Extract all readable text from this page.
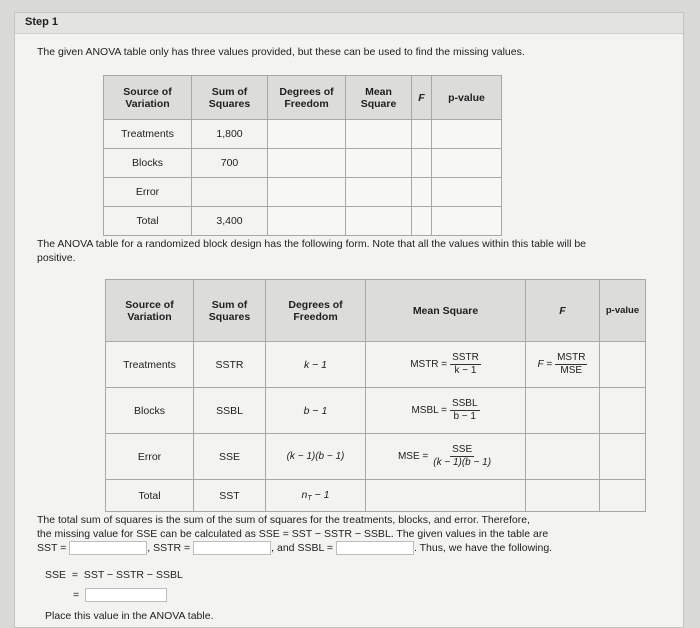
Step 1
The given ANOVA table only has three values provided, but these can be used to find the missing values.
Source of Variation	Sum of Squares	Degrees of Freedom	Mean Square	F	p-value
Treatments	1,800				
Blocks	700				
Error					
Total	3,400				
The ANOVA table for a randomized block design has the following form. Note that all the values within this table will be positive.
Source of Variation	Sum of Squares	Degrees of Freedom	Mean Square	F	p-value
Treatments	SSTR	k − 1	MSTR = $\frac{\text{SSTR}}{k - 1}$	$F = \frac{\text{MSTR}}{\text{MSE}}$

Blocks	SSBL	b − 1	MSBL = $\frac{\text{SSBL}}{b - 1}$

Error	SSE	(k − 1)(b − 1)	MSE = $\frac{\text{SSE}}{(k - 1)(b - 1)}$

Total	SST	$n_T - 1$			
The total sum of squares is the sum of the sum of squares for the treatments, blocks, and error. Therefore,
the missing value for SSE can be calculated as SSE = SST − SSTR − SSBL. The given values in the table are
SST =	, SSTR =	, and SSBL =	. Thus, we have the following.
SSE  =  SST − SSTR − SSBL
=
Place this value in the ANOVA table.
